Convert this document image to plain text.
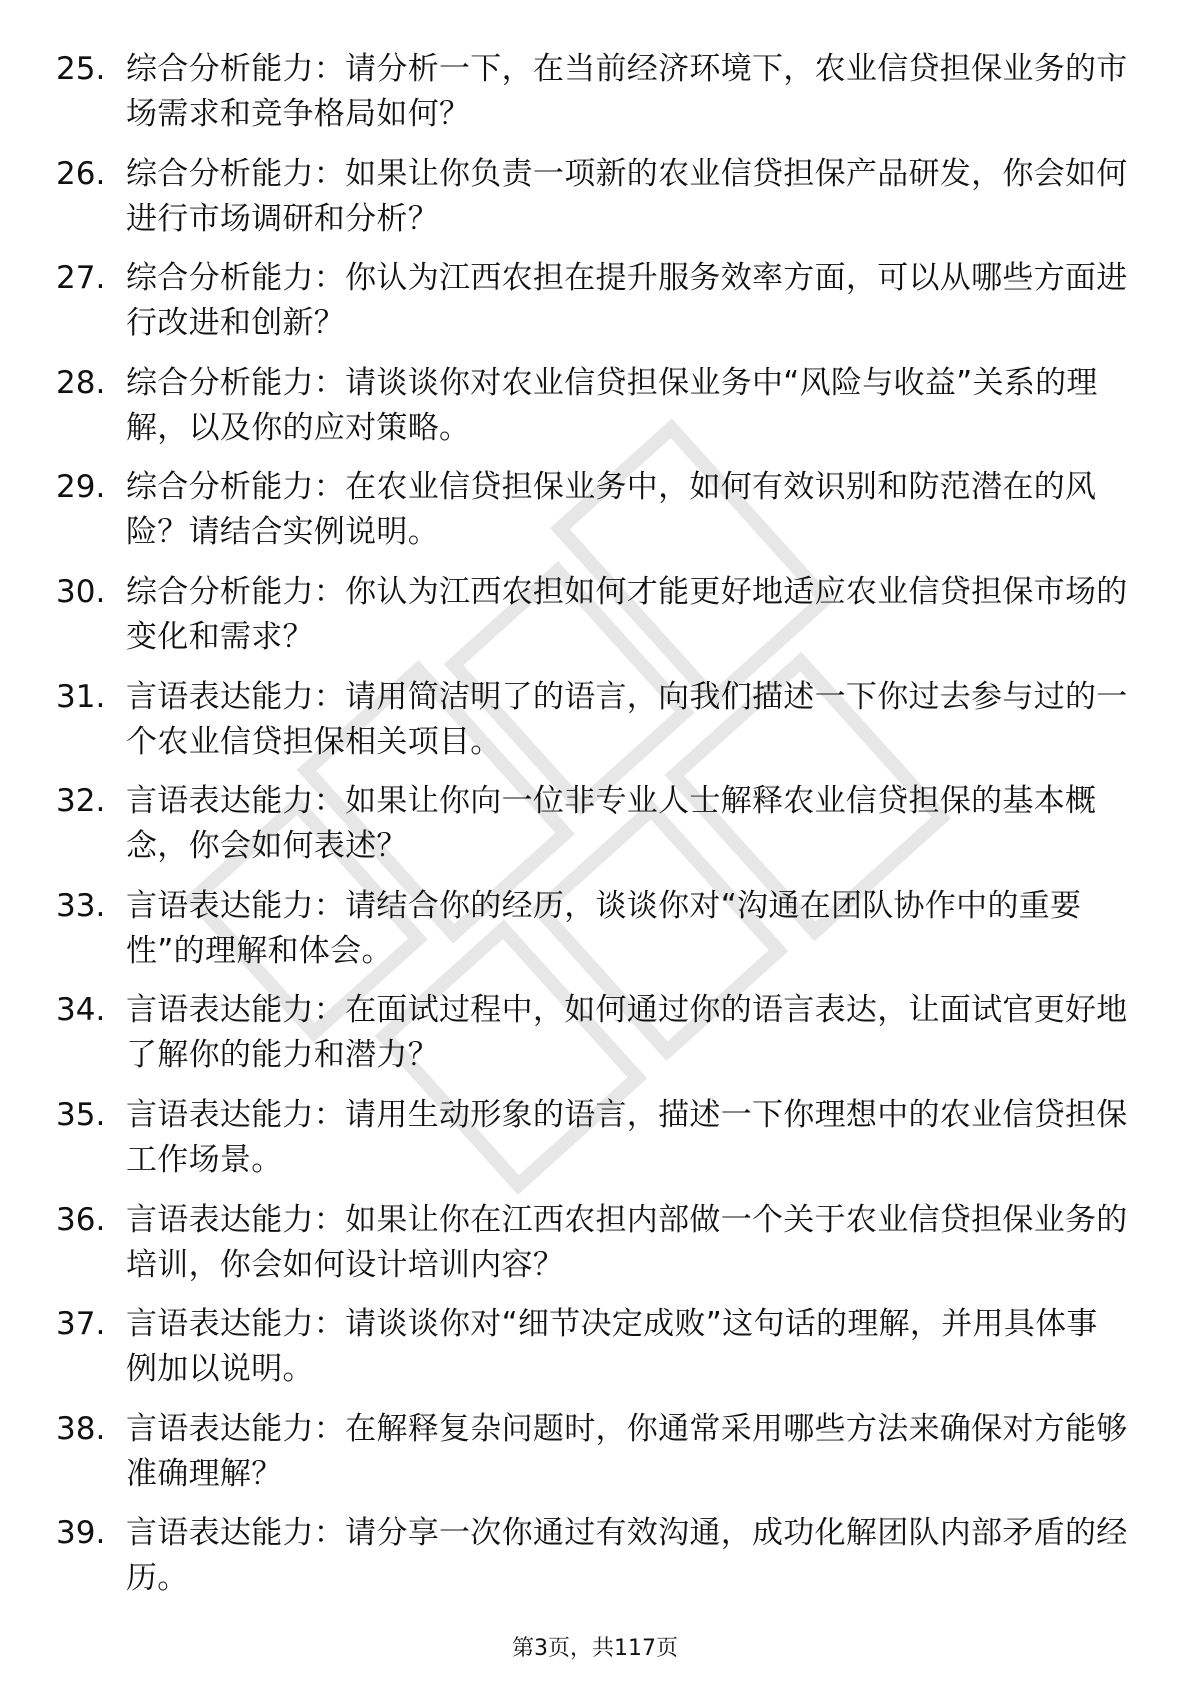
25. 综合分析能力：请分析一下，在当前经济环境下，农业信贷担保业务的市场需求和竞争格局如何？
26. 综合分析能力：如果让你负责一项新的农业信贷担保产品研发，你会如何进行市场调研和分析？
27. 综合分析能力：你认为江西农担在提升服务效率方面，可以从哪些方面进行改进和创新？
28. 综合分析能力：请谈谈你对农业信贷担保业务中“风险与收益”关系的理解，以及你的应对策略。
29. 综合分析能力：在农业信贷担保业务中，如何有效识别和防范潜在的风险？请结合实例说明。
30. 综合分析能力：你认为江西农担如何才能更好地适应农业信贷担保市场的变化和需求？
31. 言语表达能力：请用简洁明了的语言，向我们描述一下你过去参与过的一个农业信贷担保相关项目。
32. 言语表达能力：如果让你向一位非专业人士解释农业信贷担保的基本概念，你会如何表述？
33. 言语表达能力：请结合你的经历，谈谈你对“沟通在团队协作中的重要性”的理解和体会。
34. 言语表达能力：在面试过程中，如何通过你的语言表达，让面试官更好地了解你的能力和潜力？
35. 言语表达能力：请用生动形象的语言，描述一下你理想中的农业信贷担保工作场景。
36. 言语表达能力：如果让你在江西农担内部做一个关于农业信贷担保业务的培训，你会如何设计培训内容？
37. 言语表达能力：请谈谈你对“细节决定成败”这句话的理解，并用具体事例加以说明。
38. 言语表达能力：在解释复杂问题时，你通常采用哪些方法来确保对方能够准确理解？
39. 言语表达能力：请分享一次你通过有效沟通，成功化解团队内部矛盾的经历。
第3页，共117页
